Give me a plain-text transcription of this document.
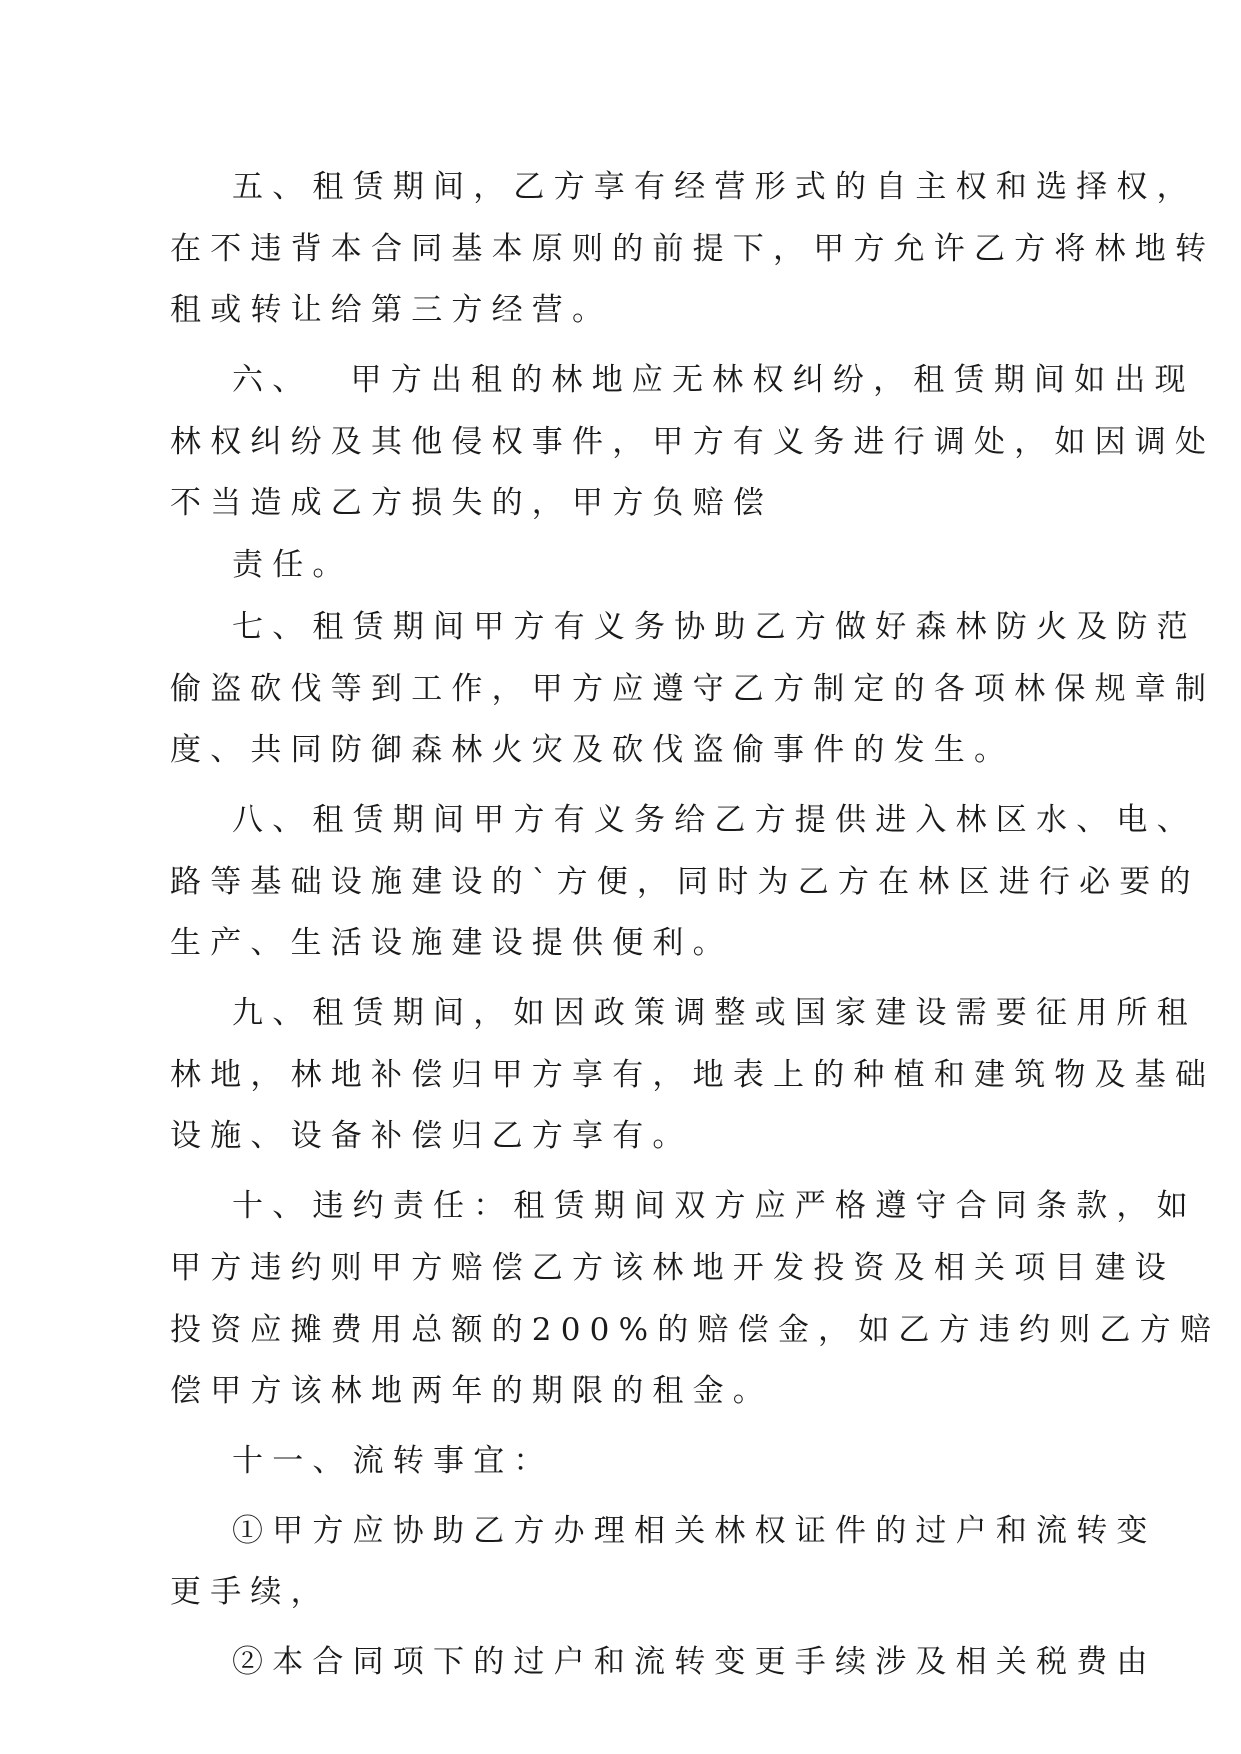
五、租赁期间，乙方享有经营形式的自主权和选择权，

在不违背本合同基本原则的前提下，甲方允许乙方将林地转

租或转让给第三方经营。

六、  甲方出租的林地应无林权纠纷，租赁期间如出现

林权纠纷及其他侵权事件，甲方有义务进行调处，如因调处

不当造成乙方损失的，甲方负赔偿

责任。

七、租赁期间甲方有义务协助乙方做好森林防火及防范

偷盗砍伐等到工作，甲方应遵守乙方制定的各项林保规章制

度、共同防御森林火灾及砍伐盗偷事件的发生。

八、租赁期间甲方有义务给乙方提供进入林区水、电、

路等基础设施建设的`方便，同时为乙方在林区进行必要的

生产、生活设施建设提供便利。

九、租赁期间，如因政策调整或国家建设需要征用所租

林地，林地补偿归甲方享有，地表上的种植和建筑物及基础

设施、设备补偿归乙方享有。

十、违约责任：租赁期间双方应严格遵守合同条款，如

甲方违约则甲方赔偿乙方该林地开发投资及相关项目建设

投资应摊费用总额的200%的赔偿金，如乙方违约则乙方赔

偿甲方该林地两年的期限的租金。

十一、流转事宜：

①甲方应协助乙方办理相关林权证件的过户和流转变

更手续，

②本合同项下的过户和流转变更手续涉及相关税费由
